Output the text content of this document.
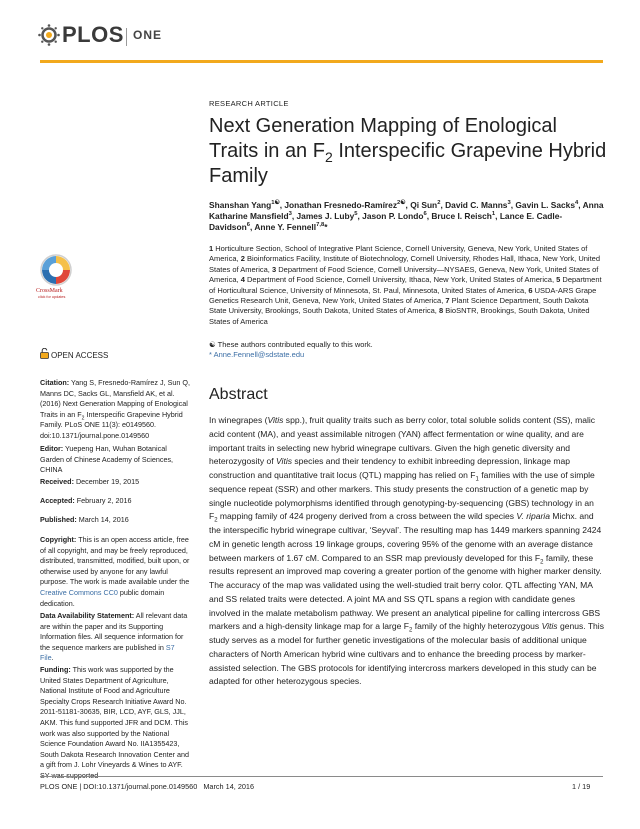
PLOS ONE
CrossMark
click for updates
OPEN ACCESS
Citation: Yang S, Fresnedo-Ramírez J, Sun Q, Manns DC, Sacks GL, Mansfield AK, et al. (2016) Next Generation Mapping of Enological Traits in an $F_2$ Interspecific Grapevine Hybrid Family. PLoS ONE 11(3): e0149560. doi:10.1371/journal.pone.0149560
Editor: Yuepeng Han, Wuhan Botanical Garden of Chinese Academy of Sciences, CHINA
Received: December 19, 2015
Accepted: February 2, 2016
Published: March 14, 2016
Copyright: This is an open access article, free of all copyright, and may be freely reproduced, distributed, transmitted, modified, built upon, or otherwise used by anyone for any lawful purpose. The work is made available under the Creative Commons CC0 public domain dedication.
Data Availability Statement: All relevant data are within the paper and its Supporting Information files. All sequence information for the sequence markers are published in S7 File.
Funding: This work was supported by the United States Department of Agriculture, National Institute of Food and Agriculture Specialty Crops Research Initiative Award No. 2011-51181-30635, BIR, LCD, AYF, GLS, JJL, AKM. This fund supported JFR and DCM. This work was also supported by the National Science Foundation Award No. IIA1355423, South Dakota Research Innovation Center and a gift from J. Lohr Vineyards & Wines to AYF.
RESEARCH ARTICLE
Next Generation Mapping of Enological Traits in an $F_2$ Interspecific Grapevine Hybrid Family
Shanshan Yang$^{1☯}$, Jonathan Fresnedo-Ramírez$^{2☯}$, Qi Sun$^2$, David C. Manns$^3$, Gavin L. Sacks$^4$, Anna Katharine Mansfield$^3$, James J. Luby$^5$, Jason P. Londo$^6$, Bruce I. Reisch$^1$, Lance E. Cadle-Davidson$^6$, Anne Y. Fennell$^{7,8}$*
1 Horticulture Section, School of Integrative Plant Science, Cornell University, Geneva, New York, United States of America, 2 Bioinformatics Facility, Institute of Biotechnology, Cornell University, Rhodes Hall, Ithaca, New York, United States of America, 3 Department of Food Science, Cornell University—NYSAES, Geneva, New York, United States of America, 4 Department of Food Science, Cornell University, Ithaca, New York, United States of America, 5 Department of Horticultural Science, University of Minnesota, St. Paul, Minnesota, United States of America, 6 USDA-ARS Grape Genetics Research Unit, Geneva, New York, United States of America, 7 Plant Science Department, South Dakota State University, Brookings, South Dakota, United States of America, 8 BioSNTR, Brookings, South Dakota, United States of America
☯ These authors contributed equally to this work.
* Anne.Fennell@sdstate.edu
Abstract
In winegrapes (Vitis spp.), fruit quality traits such as berry color, total soluble solids content (SS), malic acid content (MA), and yeast assimilable nitrogen (YAN) affect fermentation or wine quality, and are important traits in selecting new hybrid winegrape cultivars. Given the high genetic diversity and heterozygosity of Vitis species and their tendency to exhibit inbreeding depression, linkage map construction and quantitative trait locus (QTL) mapping has relied on $F_1$ families with the use of simple sequence repeat (SSR) and other markers. This study presents the construction of a genetic map by single nucleotide polymorphisms identified through genotyping-by-sequencing (GBS) technology in an $F_2$ mapping family of 424 progeny derived from a cross between the wild species V. riparia Michx. and the interspecific hybrid winegrape cultivar, ‘Seyval’. The resulting map has 1449 markers spanning 2424 cM in genetic length across 19 linkage groups, covering 95% of the genome with an average distance between markers of 1.67 cM. Compared to an SSR map previously developed for this $F_2$ family, these results represent an improved map covering a greater portion of the genome with higher marker density. The accuracy of the map was validated using the well-studied trait berry color. QTL affecting YAN, MA and SS related traits were detected. A joint MA and SS QTL spans a region with candidate genes involved in the malate metabolism pathway. We present an analytical pipeline for calling intercross GBS markers and a high-density linkage map for a large $F_2$ family of the highly heterozygous Vitis genus. This study serves as a model for further genetic investigations of the molecular basis of additional unique characters of North American hybrid wine cultivars and to enhance the breeding process by marker-assisted selection. The GBS protocols for identifying intercross markers developed in this study can be adapted for other heterozygous species.
PLOS ONE | DOI:10.1371/journal.pone.0149560   March 14, 2016	1 / 19
